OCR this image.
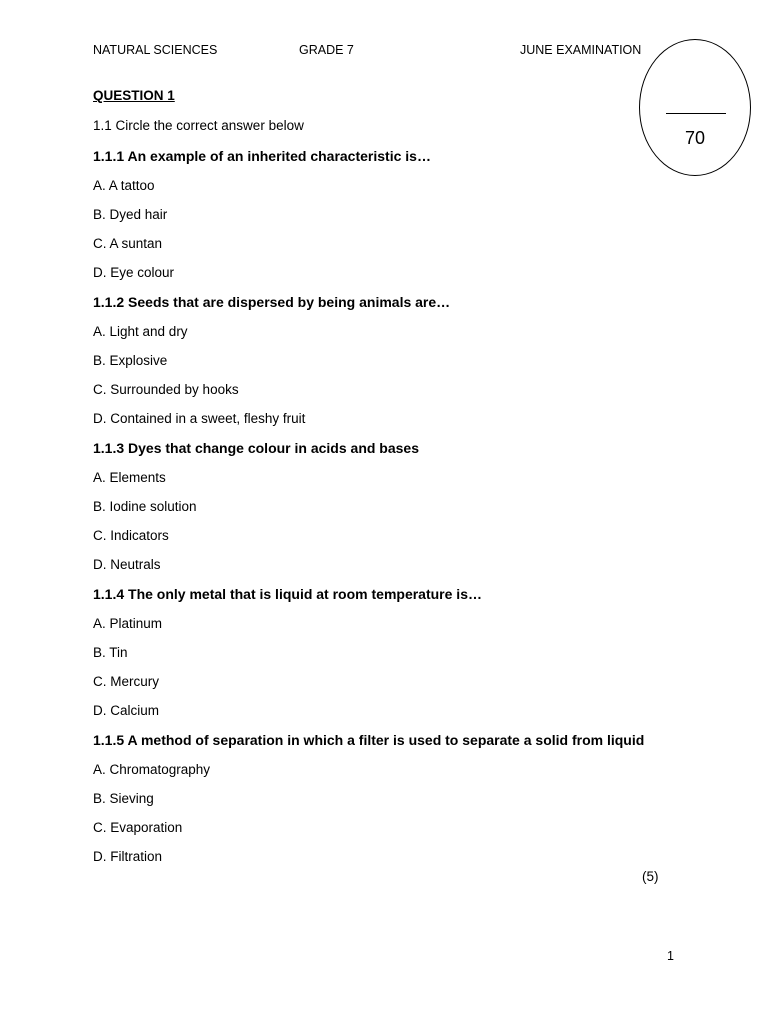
NATURAL SCIENCES	GRADE 7	JUNE EXAMINATION
70
QUESTION 1
1.1 Circle the correct answer below
1.1.1 An example of an inherited characteristic is…
A. A tattoo
B. Dyed hair
C. A suntan
D. Eye colour
1.1.2 Seeds that are dispersed by being animals are…
A. Light and dry
B. Explosive
C. Surrounded by hooks
D. Contained in a sweet, fleshy fruit
1.1.3 Dyes that change colour in acids and bases
A. Elements
B. Iodine solution
C. Indicators
D. Neutrals
1.1.4 The only metal that is liquid at room temperature is…
A. Platinum
B. Tin
C. Mercury
D. Calcium
1.1.5 A method of separation in which a filter is used to separate a solid from liquid
A. Chromatography
B. Sieving
C. Evaporation
D. Filtration
(5)
1
